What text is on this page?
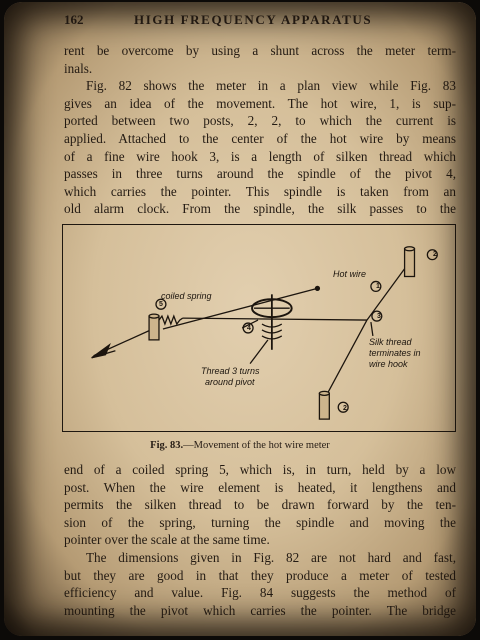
162	HIGH FREQUENCY APPARATUS
rent be overcome by using a shunt across the meter term-
inals.
Fig. 82 shows the meter in a plan view while Fig. 83
gives an idea of the movement. The hot wire, 1, is sup-
ported between two posts, 2, 2, to which the current is
applied. Attached to the center of the hot wire by means
of a fine wire hook 3, is a length of silken thread which
passes in three turns around the spindle of the pivot 4,
which carries the pointer. This spindle is taken from an
old alarm clock. From the spindle, the silk passes to the
coiled spring
Hot wire
Thread 3 turns
around pivot
Silk thread
terminates in
wire hook
2
1
3
5
4
2
Fig. 83.—Movement of the hot wire meter
end of a coiled spring 5, which is, in turn, held by a low
post. When the wire element is heated, it lengthens and
permits the silken thread to be drawn forward by the ten-
sion of the spring, turning the spindle and moving the
pointer over the scale at the same time.
The dimensions given in Fig. 82 are not hard and fast,
but they are good in that they produce a meter of tested
efficiency and value. Fig. 84 suggests the method of
mounting the pivot which carries the pointer. The bridge
